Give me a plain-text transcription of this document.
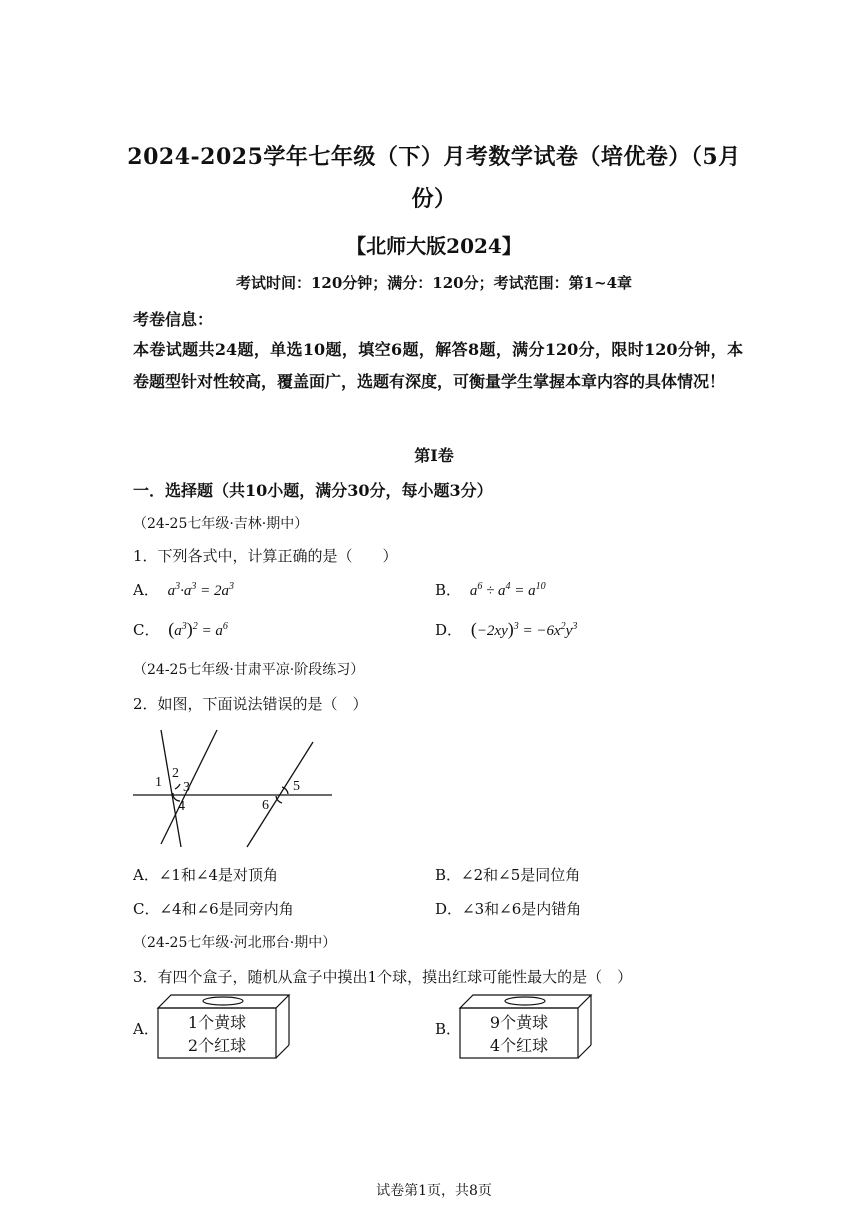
2024-2025学年七年级（下）月考数学试卷（培优卷）（5月
份）
【北师大版2024】
考试时间：120分钟；满分：120分；考试范围：第1~4章
考卷信息：
本卷试题共24题，单选10题，填空6题，解答8题，满分120分，限时120分钟，本卷题型针对性较高，覆盖面广，选题有深度，可衡量学生掌握本章内容的具体情况！
第Ⅰ卷
一．选择题（共10小题，满分30分，每小题3分）
（24-25七年级·吉林·期中）
1．下列各式中，计算正确的是（　　）
A． $a^3\cdot a^3 = 2a^3$	B． $a^6 \div a^4 = a^{10}$
C． $(a^3)^2 = a^6$	D． $(-2xy)^3 = -6x^2y^3$
（24-25七年级·甘肃平凉·阶段练习）
2．如图，下面说法错误的是（　）
1
2
3
4
5
6
A．∠1和∠4是对顶角	B．∠2和∠5是同位角
C．∠4和∠6是同旁内角	D．∠3和∠6是内错角
（24-25七年级·河北邢台·期中）
3．有四个盒子，随机从盒子中摸出1个球，摸出红球可能性最大的是（　）
A． 1个黄球
2个红球
B． 9个黄球
4个红球
试卷第1页，共8页
